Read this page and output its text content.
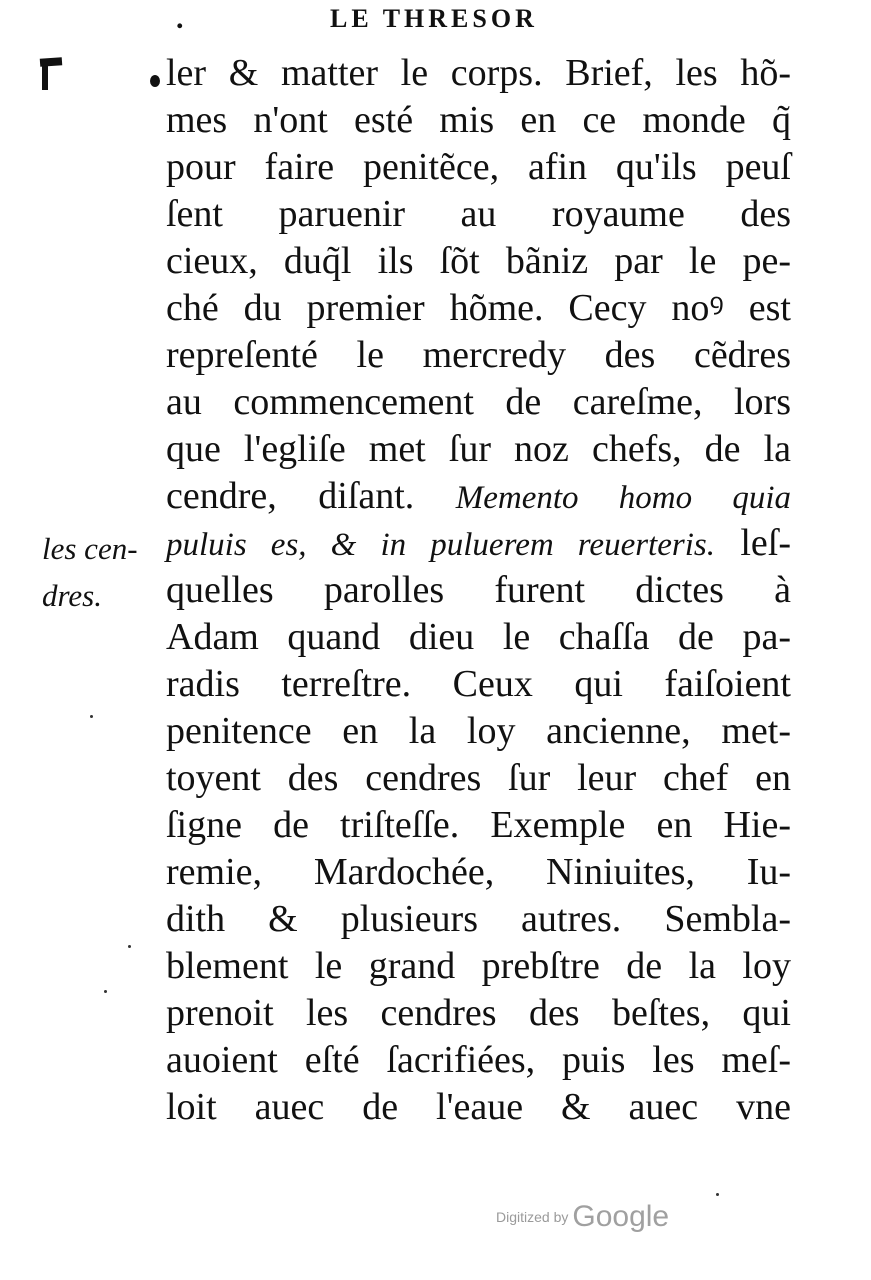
.	LE THRESOR
les cen-
dres.
ler & matter le corps. Brief, les hõ-
mes n'ont esté mis en ce monde q̃
pour faire penitẽce, afin qu'ils peuſ
ſent paruenir au royaume des
cieux, duq̃l ils ſõt bãniz par le pe-
ché du premier hõme. Cecy noꝰ est
repreſenté le mercredy des cẽdres
au commencement de careſme, lors
que l'egliſe met ſur noz chefs, de la
cendre, diſant. Memento homo quia
puluis es, & in puluerem reuerteris. leſ-
quelles parolles furent dictes à
Adam quand dieu le chaſſa de pa-
radis terreſtre. Ceux qui faiſoient
penitence en la loy ancienne, met-
toyent des cendres ſur leur chef en
ſigne de triſteſſe. Exemple en Hie-
remie, Mardochée, Niniuites, Iu-
dith & plusieurs autres. Sembla-
blement le grand prebſtre de la loy
prenoit les cendres des beſtes, qui
auoient eſté ſacrifiées, puis les meſ-
loit auec de l'eaue & auec vne
Digitized by Google
